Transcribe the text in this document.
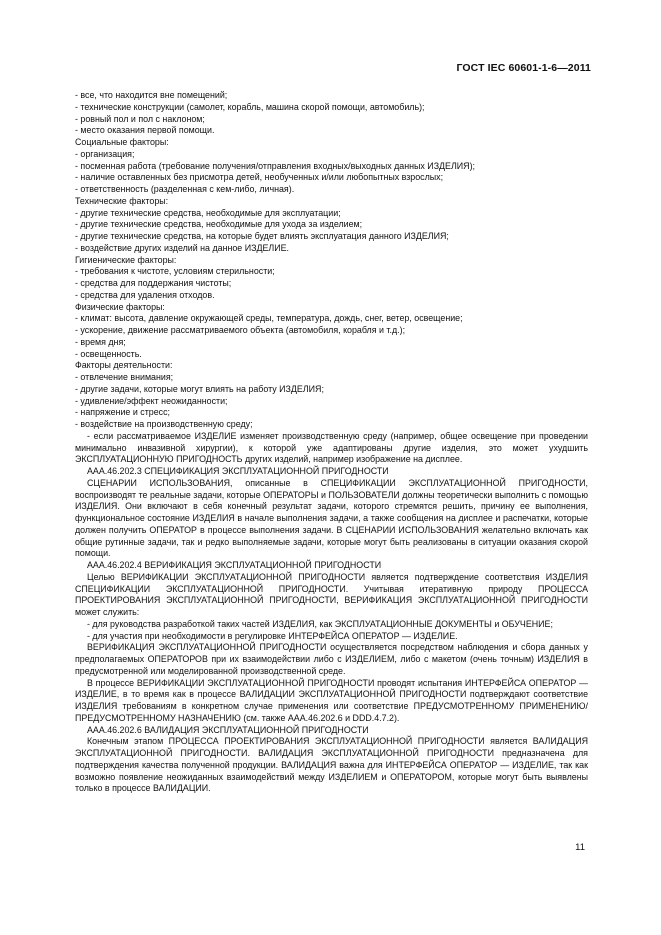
ГОСТ IEC 60601-1-6—2011

- все, что находится вне помещений;

- технические конструкции (самолет, корабль, машина скорой помощи, автомобиль);

- ровный пол и пол с наклоном;

- место оказания первой помощи.

Социальные факторы:

- организация;

- посменная работа (требование получения/отправления входных/выходных данных ИЗДЕЛИЯ);

- наличие оставленных без присмотра детей, необученных и/или любопытных взрослых;

- ответственность (разделенная с кем-либо, личная).

Технические факторы:

- другие технические средства, необходимые для эксплуатации;

- другие технические средства, необходимые для ухода за изделием;

- другие технические средства, на которые будет влиять эксплуатация данного ИЗДЕЛИЯ;

- воздействие других изделий на данное ИЗДЕЛИЕ.

Гигиенические факторы:

- требования к чистоте, условиям стерильности;

- средства для поддержания чистоты;

- средства для удаления отходов.

Физические факторы:

- климат: высота, давление окружающей среды, температура, дождь, снег, ветер, освещение;

- ускорение, движение рассматриваемого объекта (автомобиля, корабля и т.д.);

- время дня;

- освещенность.

Факторы деятельности:

- отвлечение внимания;

- другие задачи, которые могут влиять на работу ИЗДЕЛИЯ;

- удивление/эффект неожиданности;

- напряжение и стресс;

- воздействие на производственную среду;

- если рассматриваемое ИЗДЕЛИЕ изменяет производственную среду (например, общее освещение при проведении минимально инвазивной хирургии), к которой уже адаптированы другие изделия, это может ухудшить ЭКСПЛУАТАЦИОННУЮ ПРИГОДНОСТЬ других изделий, например изображение на дисплее.

ААА.46.202.3 СПЕЦИФИКАЦИЯ ЭКСПЛУАТАЦИОННОЙ ПРИГОДНОСТИ

СЦЕНАРИИ ИСПОЛЬЗОВАНИЯ, описанные в СПЕЦИФИКАЦИИ ЭКСПЛУАТАЦИОННОЙ ПРИГОДНОСТИ, воспроизводят те реальные задачи, которые ОПЕРАТОРЫ и ПОЛЬЗОВАТЕЛИ должны теоретически выполнить с помощью ИЗДЕЛИЯ. Они включают в себя конечный результат задачи, которого стремятся решить, причину ее выполнения, функциональное состояние ИЗДЕЛИЯ в начале выполнения задачи, а также сообщения на дисплее и распечатки, которые должен получить ОПЕРАТОР в процессе выполнения задачи. В СЦЕНАРИИ ИСПОЛЬЗОВАНИЯ желательно включать как общие рутинные задачи, так и редко выполняемые задачи, которые могут быть реализованы в ситуации оказания скорой помощи.

ААА.46.202.4 ВЕРИФИКАЦИЯ ЭКСПЛУАТАЦИОННОЙ ПРИГОДНОСТИ

Целью ВЕРИФИКАЦИИ ЭКСПЛУАТАЦИОННОЙ ПРИГОДНОСТИ является подтверждение соответствия ИЗДЕЛИЯ СПЕЦИФИКАЦИИ ЭКСПЛУАТАЦИОННОЙ ПРИГОДНОСТИ. Учитывая итеративную природу ПРОЦЕССА ПРОЕКТИРОВАНИЯ ЭКСПЛУАТАЦИОННОЙ ПРИГОДНОСТИ, ВЕРИФИКАЦИЯ ЭКСПЛУАТАЦИОННОЙ ПРИГОДНОСТИ может служить:

- для руководства разработкой таких частей ИЗДЕЛИЯ, как ЭКСПЛУАТАЦИОННЫЕ ДОКУМЕНТЫ и ОБУЧЕНИЕ;

- для участия при необходимости в регулировке ИНТЕРФЕЙСА ОПЕРАТОР — ИЗДЕЛИЕ.

ВЕРИФИКАЦИЯ ЭКСПЛУАТАЦИОННОЙ ПРИГОДНОСТИ осуществляется посредством наблюдения и сбора данных у предполагаемых ОПЕРАТОРОВ при их взаимодействии либо с ИЗДЕЛИЕМ, либо с макетом (очень точным) ИЗДЕЛИЯ в предусмотренной или моделированной производственной среде.

В процессе ВЕРИФИКАЦИИ ЭКСПЛУАТАЦИОННОЙ ПРИГОДНОСТИ проводят испытания ИНТЕРФЕЙСА ОПЕРАТОР — ИЗДЕЛИЕ, в то время как в процессе ВАЛИДАЦИИ ЭКСПЛУАТАЦИОННОЙ ПРИГОДНОСТИ подтверждают соответствие ИЗДЕЛИЯ требованиям в конкретном случае применения или соответствие ПРЕДУСМОТРЕННОМУ ПРИМЕНЕНИЮ/ПРЕДУСМОТРЕННОМУ НАЗНАЧЕНИЮ (см. также ААА.46.202.6 и DDD.4.7.2).

ААА.46.202.6 ВАЛИДАЦИЯ ЭКСПЛУАТАЦИОННОЙ ПРИГОДНОСТИ

Конечным этапом ПРОЦЕССА ПРОЕКТИРОВАНИЯ ЭКСПЛУАТАЦИОННОЙ ПРИГОДНОСТИ является ВАЛИДАЦИЯ ЭКСПЛУАТАЦИОННОЙ ПРИГОДНОСТИ. ВАЛИДАЦИЯ ЭКСПЛУАТАЦИОННОЙ ПРИГОДНОСТИ предназначена для подтверждения качества полученной продукции. ВАЛИДАЦИЯ важна для ИНТЕРФЕЙСА ОПЕРАТОР — ИЗДЕЛИЕ, так как возможно появление неожиданных взаимодействий между ИЗДЕЛИЕМ и ОПЕРАТОРОМ, которые могут быть выявлены только в процессе ВАЛИДАЦИИ.

11
